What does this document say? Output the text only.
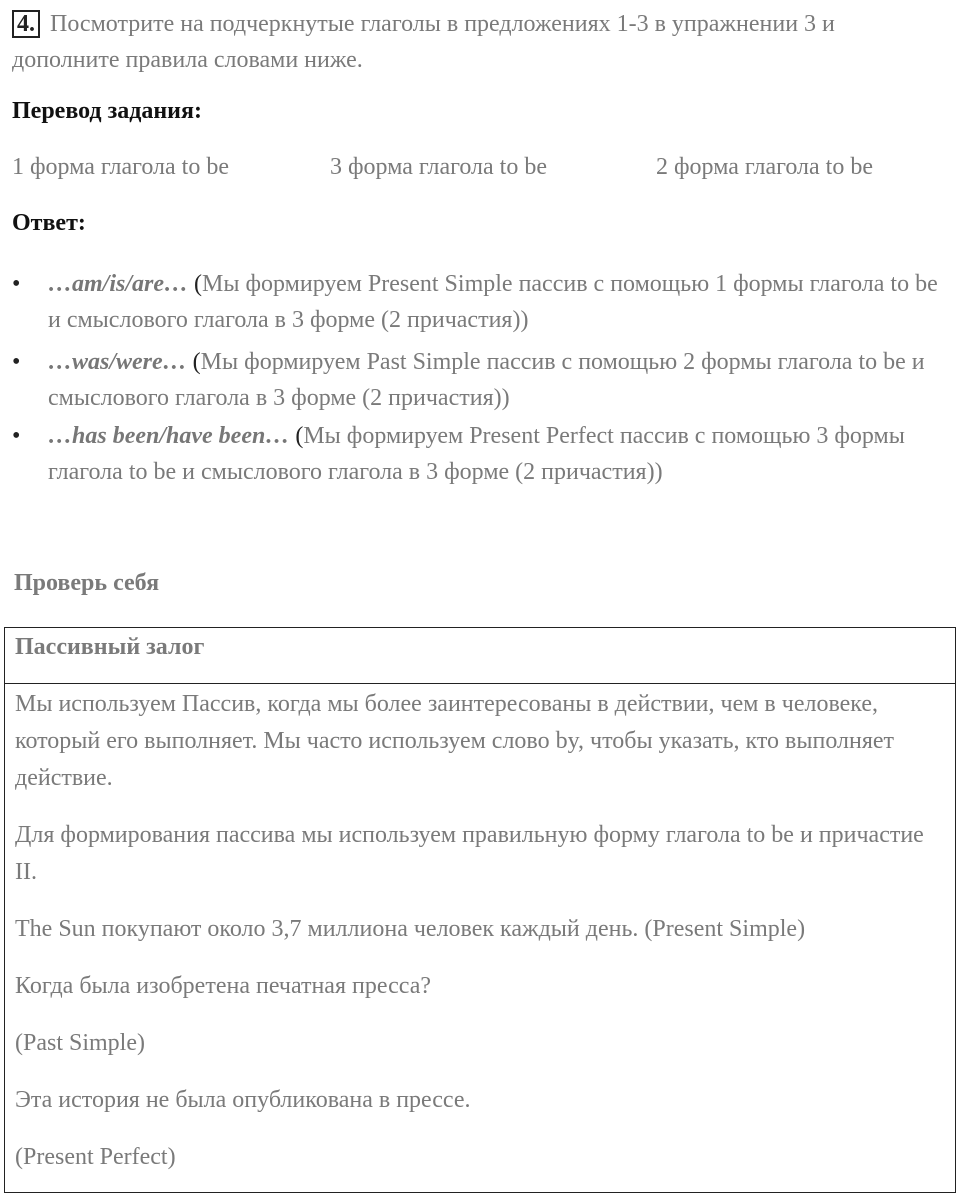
4. Посмотрите на подчеркнутые глаголы в предложениях 1-3 в упражнении 3 и дополните правила словами ниже.
Перевод задания:
1 форма глагола to be	3 форма глагола to be	2 форма глагола to be
Ответ:
• …am/is/are… (Мы формируем Present Simple пассив с помощью 1 формы глагола to be и смыслового глагола в 3 форме (2 причастия))
• …was/were… (Мы формируем Past Simple пассив с помощью 2 формы глагола to be и смыслового глагола в 3 форме (2 причастия))
• …has been/have been… (Мы формируем Present Perfect пассив с помощью 3 формы глагола to be и смыслового глагола в 3 форме (2 причастия))
Проверь себя
Пассивный залог

Мы используем Пассив, когда мы более заинтересованы в действии, чем в человеке, который его выполняет. Мы часто используем слово by, чтобы указать, кто выполняет действие.

Для формирования пассива мы используем правильную форму глагола to be и причастие II.

The Sun покупают около 3,7 миллиона человек каждый день. (Present Simple)

Когда была изобретена печатная пресса?

(Past Simple)

Эта история не была опубликована в прессе.

(Present Perfect)
